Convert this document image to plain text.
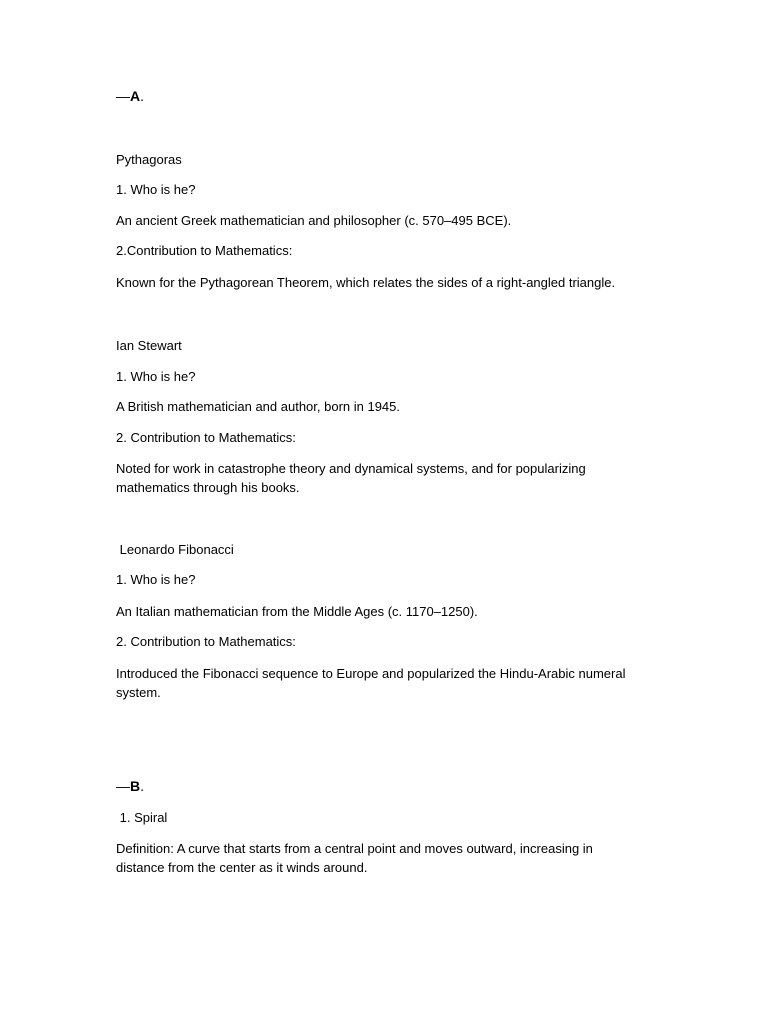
—A.
Pythagoras
1. Who is he?
An ancient Greek mathematician and philosopher (c. 570–495 BCE).
2.Contribution to Mathematics:
Known for the Pythagorean Theorem, which relates the sides of a right-angled triangle.
Ian Stewart
1. Who is he?
A British mathematician and author, born in 1945.
2. Contribution to Mathematics:
Noted for work in catastrophe theory and dynamical systems, and for popularizing mathematics through his books.
Leonardo Fibonacci
1. Who is he?
An Italian mathematician from the Middle Ages (c. 1170–1250).
2. Contribution to Mathematics:
Introduced the Fibonacci sequence to Europe and popularized the Hindu-Arabic numeral system.
—B.
1. Spiral
Definition: A curve that starts from a central point and moves outward, increasing in distance from the center as it winds around.
